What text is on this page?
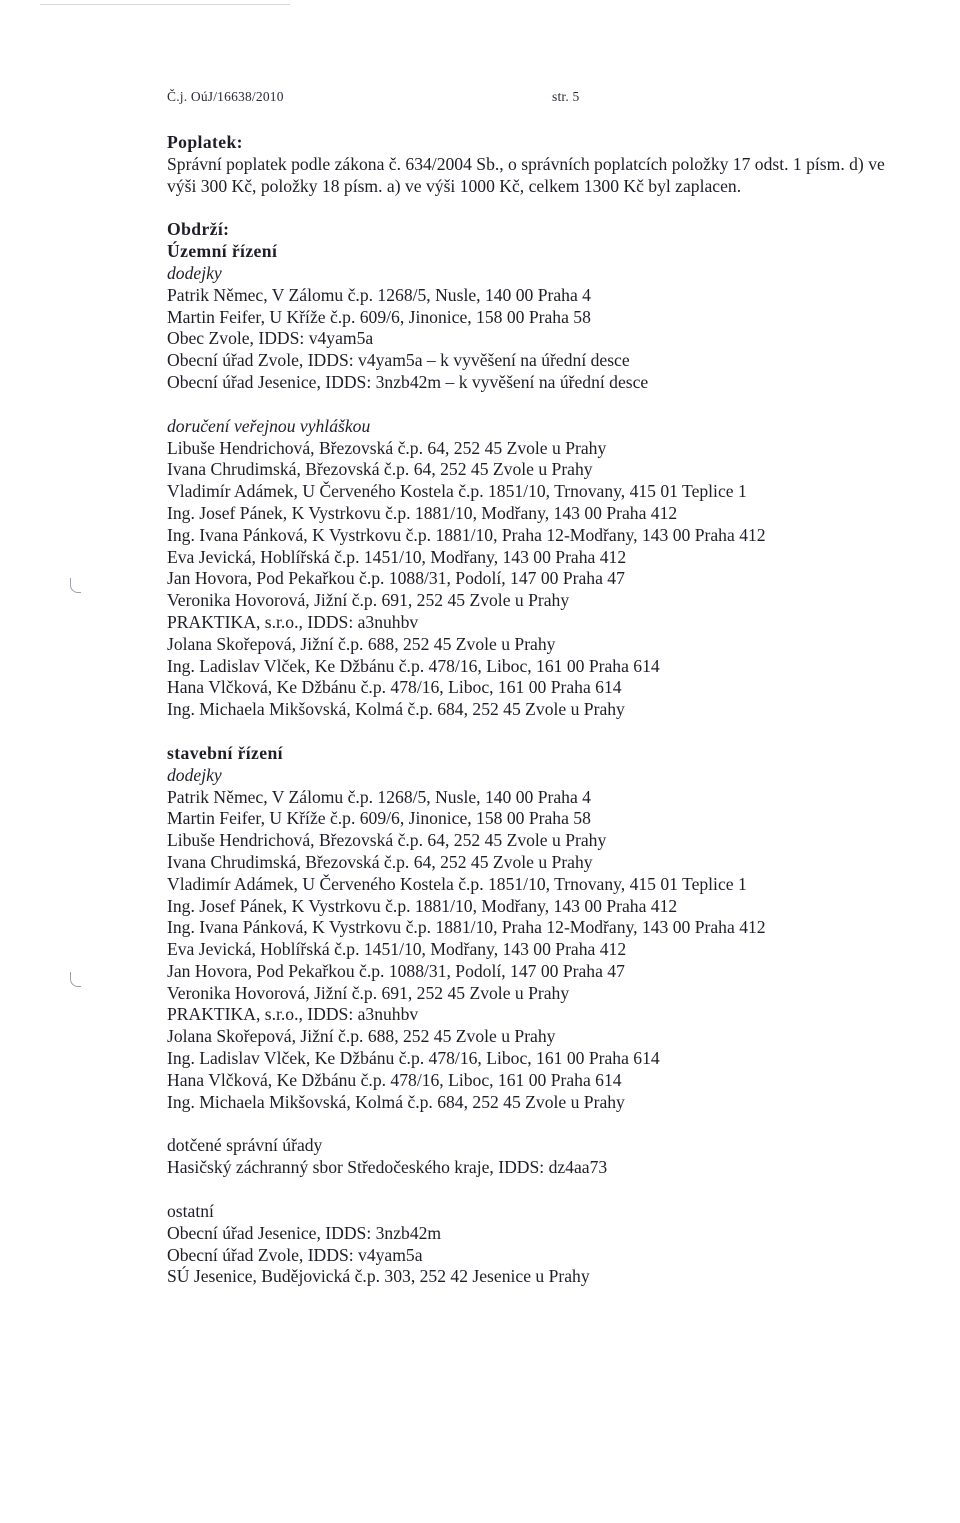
Č.j. OúJ/16638/2010	str. 5
Poplatek:
Správní poplatek podle zákona č. 634/2004 Sb., o správních poplatcích položky 17 odst. 1 písm. d) ve
výši 300 Kč, položky 18 písm. a) ve výši 1000 Kč, celkem 1300 Kč byl zaplacen.
Obdrží:
Územní řízení
dodejky
Patrik Němec, V Zálomu č.p. 1268/5, Nusle, 140 00 Praha 4
Martin Feifer, U Kříže č.p. 609/6, Jinonice, 158 00 Praha 58
Obec Zvole, IDDS: v4yam5a
Obecní úřad Zvole, IDDS: v4yam5a – k vyvěšení na úřední desce
Obecní úřad Jesenice, IDDS: 3nzb42m – k vyvěšení na úřední desce
doručení veřejnou vyhláškou
Libuše Hendrichová, Březovská č.p. 64, 252 45 Zvole u Prahy
Ivana Chrudimská, Březovská č.p. 64, 252 45 Zvole u Prahy
Vladimír Adámek, U Červeného Kostela č.p. 1851/10, Trnovany, 415 01 Teplice 1
Ing. Josef Pánek, K Vystrkovu č.p. 1881/10, Modřany, 143 00 Praha 412
Ing. Ivana Pánková, K Vystrkovu č.p. 1881/10, Praha 12-Modřany, 143 00 Praha 412
Eva Jevická, Hoblířská č.p. 1451/10, Modřany, 143 00 Praha 412
Jan Hovora, Pod Pekařkou č.p. 1088/31, Podolí, 147 00 Praha 47
Veronika Hovorová, Jižní č.p. 691, 252 45 Zvole u Prahy
PRAKTIKA, s.r.o., IDDS: a3nuhbv
Jolana Skořepová, Jižní č.p. 688, 252 45 Zvole u Prahy
Ing. Ladislav Vlček, Ke Džbánu č.p. 478/16, Liboc, 161 00 Praha 614
Hana Vlčková, Ke Džbánu č.p. 478/16, Liboc, 161 00 Praha 614
Ing. Michaela Mikšovská, Kolmá č.p. 684, 252 45 Zvole u Prahy
stavební řízení
dodejky
Patrik Němec, V Zálomu č.p. 1268/5, Nusle, 140 00 Praha 4
Martin Feifer, U Kříže č.p. 609/6, Jinonice, 158 00 Praha 58
Libuše Hendrichová, Březovská č.p. 64, 252 45 Zvole u Prahy
Ivana Chrudimská, Březovská č.p. 64, 252 45 Zvole u Prahy
Vladimír Adámek, U Červeného Kostela č.p. 1851/10, Trnovany, 415 01 Teplice 1
Ing. Josef Pánek, K Vystrkovu č.p. 1881/10, Modřany, 143 00 Praha 412
Ing. Ivana Pánková, K Vystrkovu č.p. 1881/10, Praha 12-Modřany, 143 00 Praha 412
Eva Jevická, Hoblířská č.p. 1451/10, Modřany, 143 00 Praha 412
Jan Hovora, Pod Pekařkou č.p. 1088/31, Podolí, 147 00 Praha 47
Veronika Hovorová, Jižní č.p. 691, 252 45 Zvole u Prahy
PRAKTIKA, s.r.o., IDDS: a3nuhbv
Jolana Skořepová, Jižní č.p. 688, 252 45 Zvole u Prahy
Ing. Ladislav Vlček, Ke Džbánu č.p. 478/16, Liboc, 161 00 Praha 614
Hana Vlčková, Ke Džbánu č.p. 478/16, Liboc, 161 00 Praha 614
Ing. Michaela Mikšovská, Kolmá č.p. 684, 252 45 Zvole u Prahy
dotčené správní úřady
Hasičský záchranný sbor Středočeského kraje, IDDS: dz4aa73
ostatní
Obecní úřad Jesenice, IDDS: 3nzb42m
Obecní úřad Zvole, IDDS: v4yam5a
SÚ Jesenice, Budějovická č.p. 303, 252 42 Jesenice u Prahy
